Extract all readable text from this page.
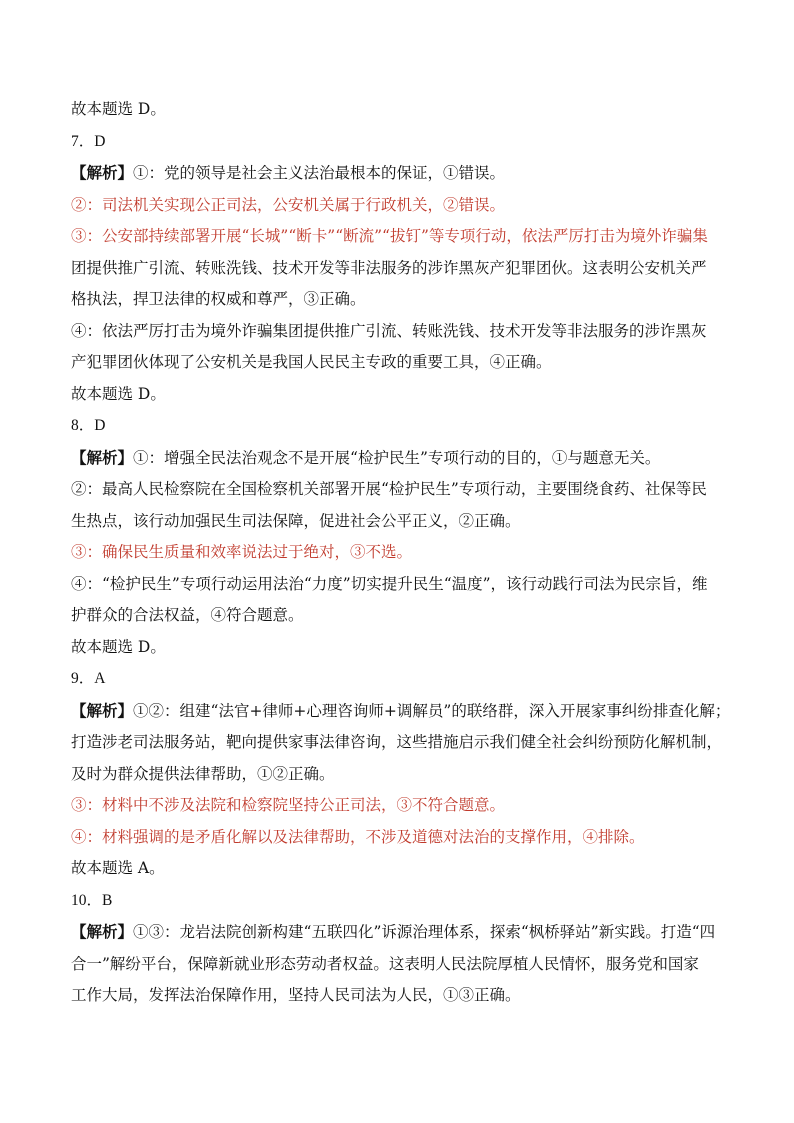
故本题选 D。
7．D
【解析】①：党的领导是社会主义法治最根本的保证，①错误。
②：司法机关实现公正司法，公安机关属于行政机关，②错误。
③：公安部持续部署开展“长城”“断卡”“断流”“拔钉”等专项行动，依法严厉打击为境外诈骗集
团提供推广引流、转账洗钱、技术开发等非法服务的涉诈黑灰产犯罪团伙。这表明公安机关严
格执法，捍卫法律的权威和尊严，③正确。
④：依法严厉打击为境外诈骗集团提供推广引流、转账洗钱、技术开发等非法服务的涉诈黑灰
产犯罪团伙体现了公安机关是我国人民民主专政的重要工具，④正确。
故本题选 D。
8．D
【解析】①：增强全民法治观念不是开展“检护民生”专项行动的目的，①与题意无关。
②：最高人民检察院在全国检察机关部署开展“检护民生”专项行动，主要围绕食药、社保等民
生热点，该行动加强民生司法保障，促进社会公平正义，②正确。
③：确保民生质量和效率说法过于绝对，③不选。
④：“检护民生”专项行动运用法治“力度”切实提升民生“温度”，该行动践行司法为民宗旨，维
护群众的合法权益，④符合题意。
故本题选 D。
9．A
【解析】①②：组建“法官+律师+心理咨询师+调解员”的联络群，深入开展家事纠纷排查化解；
打造涉老司法服务站，靶向提供家事法律咨询，这些措施启示我们健全社会纠纷预防化解机制，
及时为群众提供法律帮助，①②正确。
③：材料中不涉及法院和检察院坚持公正司法，③不符合题意。
④：材料强调的是矛盾化解以及法律帮助，不涉及道德对法治的支撑作用，④排除。
故本题选 A。
10．B
【解析】①③：龙岩法院创新构建“五联四化”诉源治理体系，探索“枫桥驿站”新实践。打造“四
合一”解纷平台，保障新就业形态劳动者权益。这表明人民法院厚植人民情怀，服务党和国家
工作大局，发挥法治保障作用，坚持人民司法为人民，①③正确。
